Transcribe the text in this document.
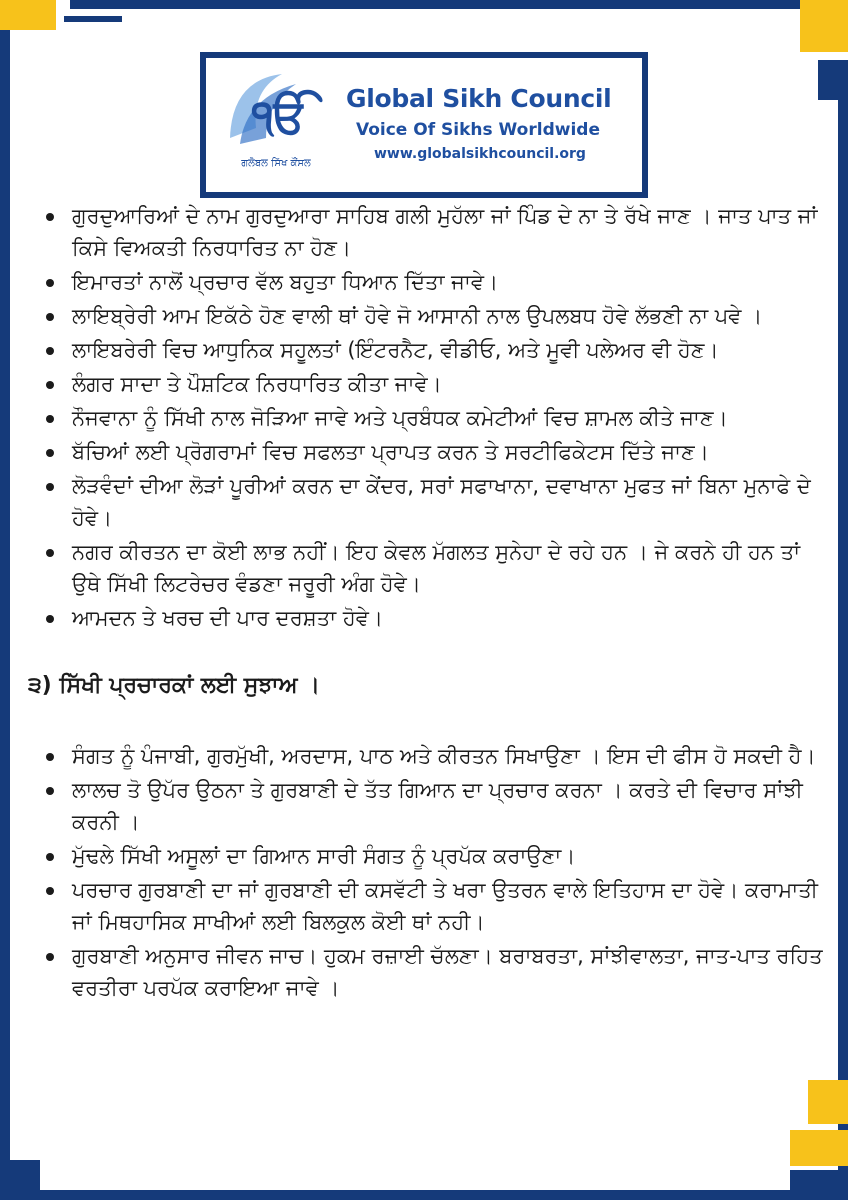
ੴ
ਗਲੋਬਲ ਸਿੱਖ ਕੌਂਸਲ
Global Sikh Council
Voice Of Sikhs Worldwide
www.globalsikhcouncil.org
ਗੁਰਦੁਆਰਿਆਂ ਦੇ ਨਾਮ ਗੁਰਦੁਆਰਾ ਸਾਹਿਬ ਗਲੀ ਮੁਹੱਲਾ ਜਾਂ ਪਿੰਡ ਦੇ ਨਾ ਤੇ ਰੱਖੇ ਜਾਣ । ਜਾਤ ਪਾਤ ਜਾਂ ਕਿਸੇ ਵਿਅਕਤੀ ਨਿਰਧਾਰਿਤ ਨਾ ਹੋਣ।
ਇਮਾਰਤਾਂ ਨਾਲੋਂ ਪ੍ਰਚਾਰ ਵੱਲ ਬਹੁਤਾ ਧਿਆਨ ਦਿੱਤਾ ਜਾਵੇ।
ਲਾਇਬ੍ਰੇਰੀ ਆਮ ਇਕੱਠੇ ਹੋਣ ਵਾਲੀ ਥਾਂ ਹੋਵੇ ਜੋ ਆਸਾਨੀ ਨਾਲ ਉਪਲਬਧ ਹੋਵੇ ਲੱਭਣੀ ਨਾ ਪਵੇ ।
ਲਾਇਬਰੇਰੀ ਵਿਚ ਆਧੁਨਿਕ ਸਹੂਲਤਾਂ (ਇੰਟਰਨੈਟ, ਵੀਡੀਓ, ਅਤੇ ਮੂਵੀ ਪਲੇਅਰ ਵੀ ਹੋਣ।
ਲੰਗਰ ਸਾਦਾ ਤੇ ਪੌਸ਼ਟਿਕ ਨਿਰਧਾਰਿਤ ਕੀਤਾ ਜਾਵੇ।
ਨੌਜਵਾਨਾ ਨੂੰ ਸਿੱਖੀ ਨਾਲ ਜੋੜਿਆ ਜਾਵੇ ਅਤੇ ਪ੍ਰਬੰਧਕ ਕਮੇਟੀਆਂ ਵਿਚ ਸ਼ਾਮਲ ਕੀਤੇ ਜਾਣ।
ਬੱਚਿਆਂ ਲਈ ਪ੍ਰੋਗਰਾਮਾਂ ਵਿਚ ਸਫਲਤਾ ਪ੍ਰਾਪਤ ਕਰਨ ਤੇ ਸਰਟੀਫਿਕੇਟਸ ਦਿੱਤੇ ਜਾਣ।
ਲੋੜਵੰਦਾਂ ਦੀਆ ਲੋੜਾਂ ਪੂਰੀਆਂ ਕਰਨ ਦਾ ਕੇਂਦਰ, ਸਰਾਂ ਸਫਾਖਾਨਾ, ਦਵਾਖਾਨਾ ਮੁਫਤ ਜਾਂ ਬਿਨਾ ਮੁਨਾਫੇ ਦੇ ਹੋਵੇ।
ਨਗਰ ਕੀਰਤਨ ਦਾ ਕੋਈ ਲਾਭ ਨਹੀਂ। ਇਹ ਕੇਵਲ ਮੱਗਲਤ ਸੁਨੇਹਾ ਦੇ ਰਹੇ ਹਨ । ਜੇ ਕਰਨੇ ਹੀ ਹਨ ਤਾਂ ਉਥੇ ਸਿੱਖੀ ਲਿਟਰੇਚਰ ਵੰਡਣਾ ਜਰੂਰੀ ਅੰਗ ਹੋਵੇ।
ਆਮਦਨ ਤੇ ਖਰਚ ਦੀ ਪਾਰ ਦਰਸ਼ਤਾ ਹੋਵੇ।
੩) ਸਿੱਖੀ ਪ੍ਰਚਾਰਕਾਂ ਲਈ ਸੁਝਾਅ ।
ਸੰਗਤ ਨੂੰ ਪੰਜਾਬੀ, ਗੁਰਮੁੱਖੀ, ਅਰਦਾਸ, ਪਾਠ ਅਤੇ ਕੀਰਤਨ ਸਿਖਾਉਣਾ । ਇਸ ਦੀ ਫੀਸ ਹੋ ਸਕਦੀ ਹੈ।
ਲਾਲਚ ਤੋ ਉਪੱਰ ਉਠਨਾ ਤੇ ਗੁਰਬਾਣੀ ਦੇ ਤੱਤ ਗਿਆਨ ਦਾ ਪ੍ਰਚਾਰ ਕਰਨਾ । ਕਰਤੇ ਦੀ ਵਿਚਾਰ ਸਾਂਝੀ ਕਰਨੀ ।
ਮੁੱਢਲੇ ਸਿੱਖੀ ਅਸੂਲਾਂ ਦਾ ਗਿਆਨ ਸਾਰੀ ਸੰਗਤ ਨੂੰ ਪ੍ਰਪੱਕ ਕਰਾਉਣਾ।
ਪਰਚਾਰ ਗੁਰਬਾਣੀ ਦਾ ਜਾਂ ਗੁਰਬਾਣੀ ਦੀ ਕਸਵੱਟੀ ਤੇ ਖਰਾ ਉਤਰਨ ਵਾਲੇ ਇਤਿਹਾਸ ਦਾ ਹੋਵੇ। ਕਰਾਮਾਤੀ ਜਾਂ ਮਿਥਹਾਸਿਕ ਸਾਖੀਆਂ ਲਈ ਬਿਲਕੁਲ ਕੋਈ ਥਾਂ ਨਹੀ।
ਗੁਰਬਾਣੀ ਅਨੁਸਾਰ ਜੀਵਨ ਜਾਚ। ਹੁਕਮ ਰਜ਼ਾਈ ਚੱਲਣਾ। ਬਰਾਬਰਤਾ, ਸਾਂਝੀਵਾਲਤਾ, ਜਾਤ-ਪਾਤ ਰਹਿਤ ਵਰਤੀਰਾ ਪਰਪੱਕ ਕਰਾਇਆ ਜਾਵੇ ।
